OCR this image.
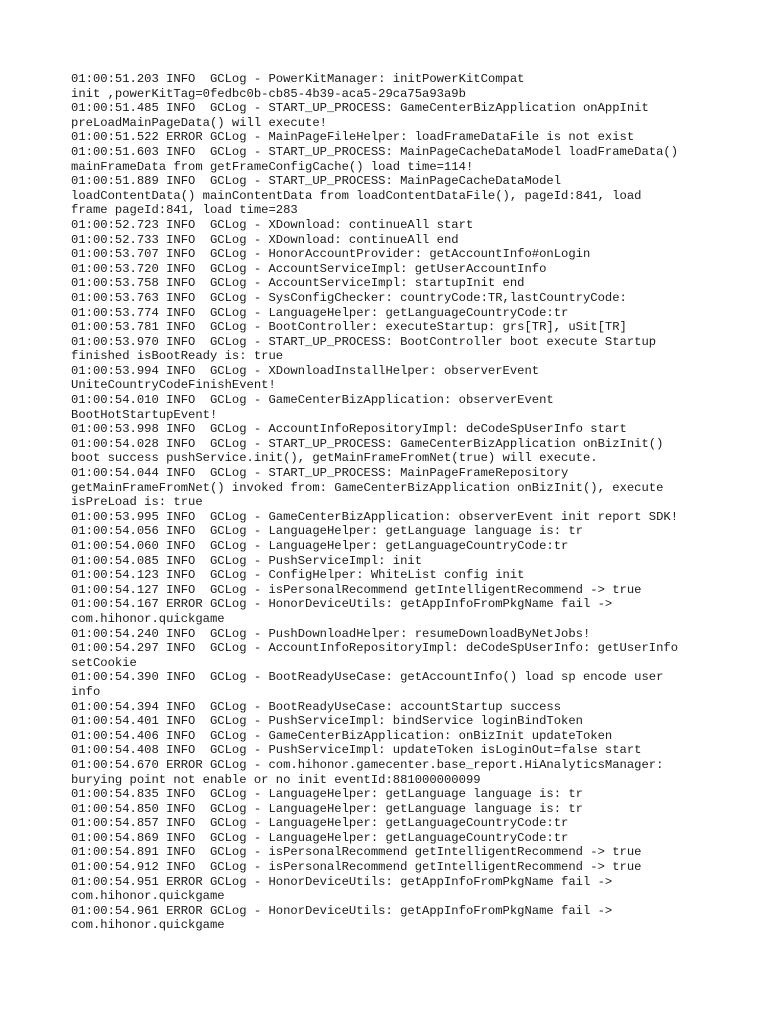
01:00:51.203 INFO  GCLog - PowerKitManager: initPowerKitCompat
init ,powerKitTag=0fedbc0b-cb85-4b39-aca5-29ca75a93a9b
01:00:51.485 INFO  GCLog - START_UP_PROCESS: GameCenterBizApplication onAppInit
preLoadMainPageData() will execute!
01:00:51.522 ERROR GCLog - MainPageFileHelper: loadFrameDataFile is not exist
01:00:51.603 INFO  GCLog - START_UP_PROCESS: MainPageCacheDataModel loadFrameData()
mainFrameData from getFrameConfigCache() load time=114!
01:00:51.889 INFO  GCLog - START_UP_PROCESS: MainPageCacheDataModel
loadContentData() mainContentData from loadContentDataFile(), pageId:841, load
frame pageId:841, load time=283
01:00:52.723 INFO  GCLog - XDownload: continueAll start
01:00:52.733 INFO  GCLog - XDownload: continueAll end
01:00:53.707 INFO  GCLog - HonorAccountProvider: getAccountInfo#onLogin
01:00:53.720 INFO  GCLog - AccountServiceImpl: getUserAccountInfo
01:00:53.758 INFO  GCLog - AccountServiceImpl: startupInit end
01:00:53.763 INFO  GCLog - SysConfigChecker: countryCode:TR,lastCountryCode:
01:00:53.774 INFO  GCLog - LanguageHelper: getLanguageCountryCode:tr
01:00:53.781 INFO  GCLog - BootController: executeStartup: grs[TR], uSit[TR]
01:00:53.970 INFO  GCLog - START_UP_PROCESS: BootController boot execute Startup
finished isBootReady is: true
01:00:53.994 INFO  GCLog - XDownloadInstallHelper: observerEvent
UniteCountryCodeFinishEvent!
01:00:54.010 INFO  GCLog - GameCenterBizApplication: observerEvent
BootHotStartupEvent!
01:00:53.998 INFO  GCLog - AccountInfoRepositoryImpl: deCodeSpUserInfo start
01:00:54.028 INFO  GCLog - START_UP_PROCESS: GameCenterBizApplication onBizInit()
boot success pushService.init(), getMainFrameFromNet(true) will execute.
01:00:54.044 INFO  GCLog - START_UP_PROCESS: MainPageFrameRepository
getMainFrameFromNet() invoked from: GameCenterBizApplication onBizInit(), execute
isPreLoad is: true
01:00:53.995 INFO  GCLog - GameCenterBizApplication: observerEvent init report SDK!
01:00:54.056 INFO  GCLog - LanguageHelper: getLanguage language is: tr
01:00:54.060 INFO  GCLog - LanguageHelper: getLanguageCountryCode:tr
01:00:54.085 INFO  GCLog - PushServiceImpl: init
01:00:54.123 INFO  GCLog - ConfigHelper: WhiteList config init
01:00:54.127 INFO  GCLog - isPersonalRecommend getIntelligentRecommend -> true
01:00:54.167 ERROR GCLog - HonorDeviceUtils: getAppInfoFromPkgName fail ->
com.hihonor.quickgame
01:00:54.240 INFO  GCLog - PushDownloadHelper: resumeDownloadByNetJobs!
01:00:54.297 INFO  GCLog - AccountInfoRepositoryImpl: deCodeSpUserInfo: getUserInfo
setCookie
01:00:54.390 INFO  GCLog - BootReadyUseCase: getAccountInfo() load sp encode user
info
01:00:54.394 INFO  GCLog - BootReadyUseCase: accountStartup success
01:00:54.401 INFO  GCLog - PushServiceImpl: bindService loginBindToken
01:00:54.406 INFO  GCLog - GameCenterBizApplication: onBizInit updateToken
01:00:54.408 INFO  GCLog - PushServiceImpl: updateToken isLoginOut=false start
01:00:54.670 ERROR GCLog - com.hihonor.gamecenter.base_report.HiAnalyticsManager:
burying point not enable or no init eventId:881000000099
01:00:54.835 INFO  GCLog - LanguageHelper: getLanguage language is: tr
01:00:54.850 INFO  GCLog - LanguageHelper: getLanguage language is: tr
01:00:54.857 INFO  GCLog - LanguageHelper: getLanguageCountryCode:tr
01:00:54.869 INFO  GCLog - LanguageHelper: getLanguageCountryCode:tr
01:00:54.891 INFO  GCLog - isPersonalRecommend getIntelligentRecommend -> true
01:00:54.912 INFO  GCLog - isPersonalRecommend getIntelligentRecommend -> true
01:00:54.951 ERROR GCLog - HonorDeviceUtils: getAppInfoFromPkgName fail ->
com.hihonor.quickgame
01:00:54.961 ERROR GCLog - HonorDeviceUtils: getAppInfoFromPkgName fail ->
com.hihonor.quickgame
